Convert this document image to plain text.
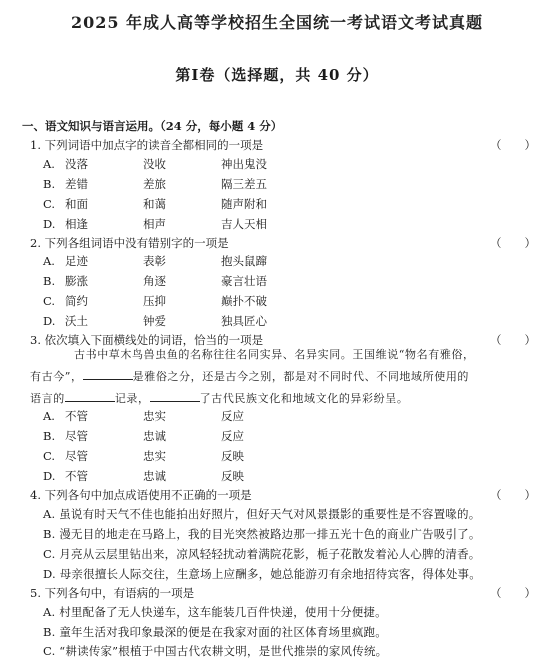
2025 年成人高等学校招生全国统一考试语文考试真题
第Ⅰ卷（选择题，共 40 分）
一、语文知识与语言运用。（24 分，每小题 4 分）
1. 下列词语中加点字的读音全都相同的一项是	（　　）
A. 没落	没收	神出鬼没
B. 差错	差旅	隔三差五
C. 和面	和蔼	随声附和
D. 相逢	相声	吉人天相
2. 下列各组词语中没有错别字的一项是	（　　）
A. 足迹	表彰	抱头鼠蹿
B. 膨涨	角逐	豪言壮语
C. 简约	压抑	巅扑不破
D. 沃土	钟爱	独具匠心
3. 依次填入下面横线处的词语，恰当的一项是	（　　）
古书中草木鸟兽虫鱼的名称往往名同实异、名异实同。王国维说“物名有雅俗，
有古今”，	是雅俗之分，还是古今之别，都是对不同时代、不同地域所使用的
语言的	记录，	了古代民族文化和地域文化的异彩纷呈。
A. 不管	忠实	反应
B. 尽管	忠诚	反应
C. 尽管	忠实	反映
D. 不管	忠诚	反映
4. 下列各句中加点成语使用不正确的一项是	（　　）
A. 虽说有时天气不佳也能拍出好照片，但好天气对风景摄影的重要性是不容置喙的。
B. 漫无目的地走在马路上，我的目光突然被路边那一排五光十色的商业广告吸引了。
C. 月亮从云层里钻出来，凉风轻轻扰动着满院花影，栀子花散发着沁人心脾的清香。
D. 母亲很擅长人际交往，生意场上应酬多，她总能游刃有余地招待宾客，得体处事。
5. 下列各句中，有语病的一项是	（　　）
A. 村里配备了无人快递车，这车能装几百件快递，使用十分便捷。
B. 童年生活对我印象最深的便是在我家对面的社区体育场里疯跑。
C. “耕读传家”根植于中国古代农耕文明，是世代推崇的家风传统。
